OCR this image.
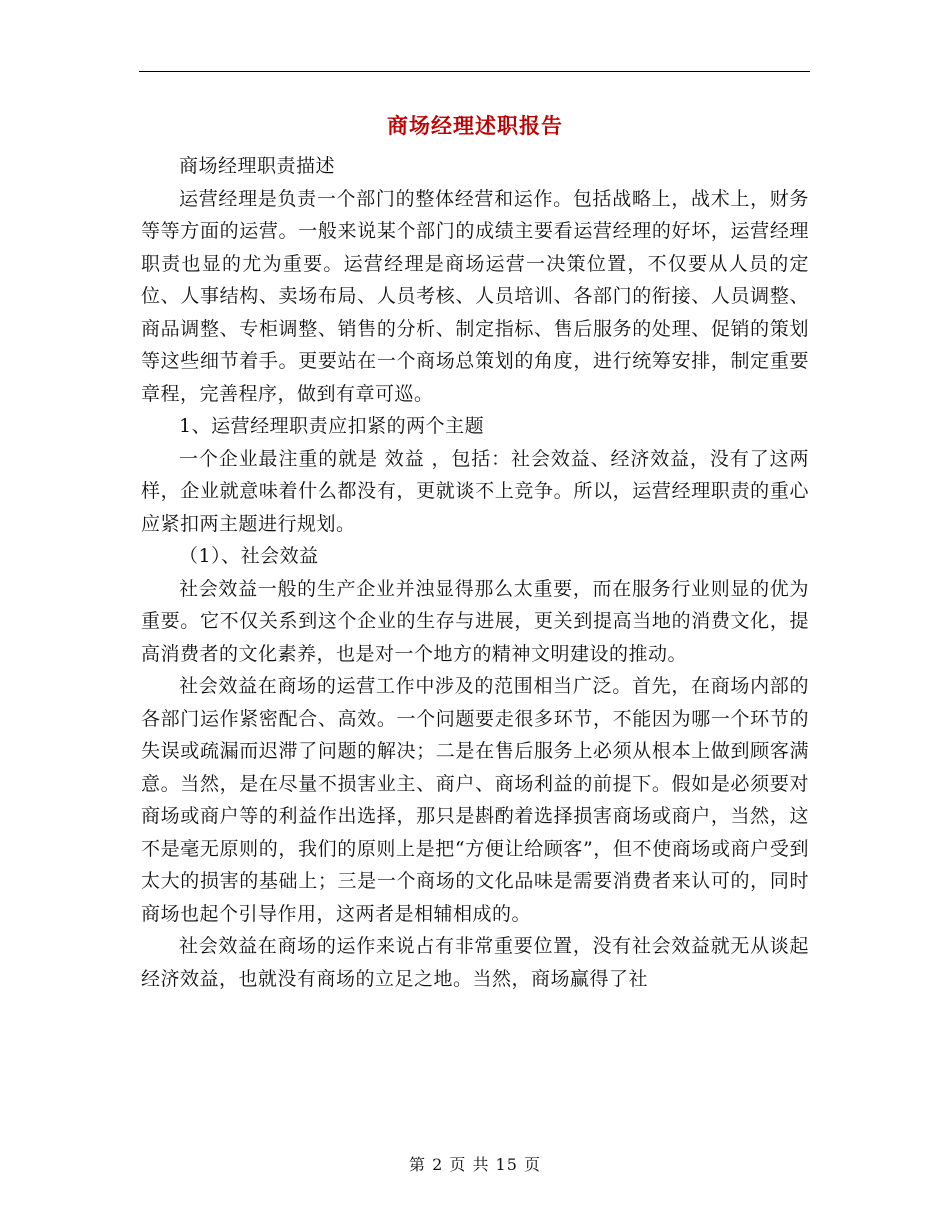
商场经理述职报告

商场经理职责描述

运营经理是负责一个部门的整体经营和运作。包括战略上，战术上，财务等等方面的运营。一般来说某个部门的成绩主要看运营经理的好坏，运营经理职责也显的尤为重要。运营经理是商场运营一决策位置，不仅要从人员的定位、人事结构、卖场布局、人员考核、人员培训、各部门的衔接、人员调整、商品调整、专柜调整、销售的分析、制定指标、售后服务的处理、促销的策划等这些细节着手。更要站在一个商场总策划的角度，进行统筹安排，制定重要章程，完善程序，做到有章可巡。

1、运营经理职责应扣紧的两个主题

一个企业最注重的就是 效益 ，包括：社会效益、经济效益，没有了这两样，企业就意味着什么都没有，更就谈不上竞争。所以，运营经理职责的重心应紧扣两主题进行规划。

（1）、社会效益

社会效益一般的生产企业并浊显得那么太重要，而在服务行业则显的优为重要。它不仅关系到这个企业的生存与进展，更关到提高当地的消费文化，提高消费者的文化素养，也是对一个地方的精神文明建设的推动。

社会效益在商场的运营工作中涉及的范围相当广泛。首先，在商场内部的各部门运作紧密配合、高效。一个问题要走很多环节，不能因为哪一个环节的失误或疏漏而迟滞了问题的解决；二是在售后服务上必须从根本上做到顾客满意。当然，是在尽量不损害业主、商户、商场利益的前提下。假如是必须要对商场或商户等的利益作出选择，那只是斟酌着选择损害商场或商户，当然，这不是毫无原则的，我们的原则上是把“方便让给顾客”，但不使商场或商户受到太大的损害的基础上；三是一个商场的文化品味是需要消费者来认可的，同时商场也起个引导作用，这两者是相辅相成的。

社会效益在商场的运作来说占有非常重要位置，没有社会效益就无从谈起经济效益，也就没有商场的立足之地。当然，商场赢得了社

第 2 页 共 15 页
